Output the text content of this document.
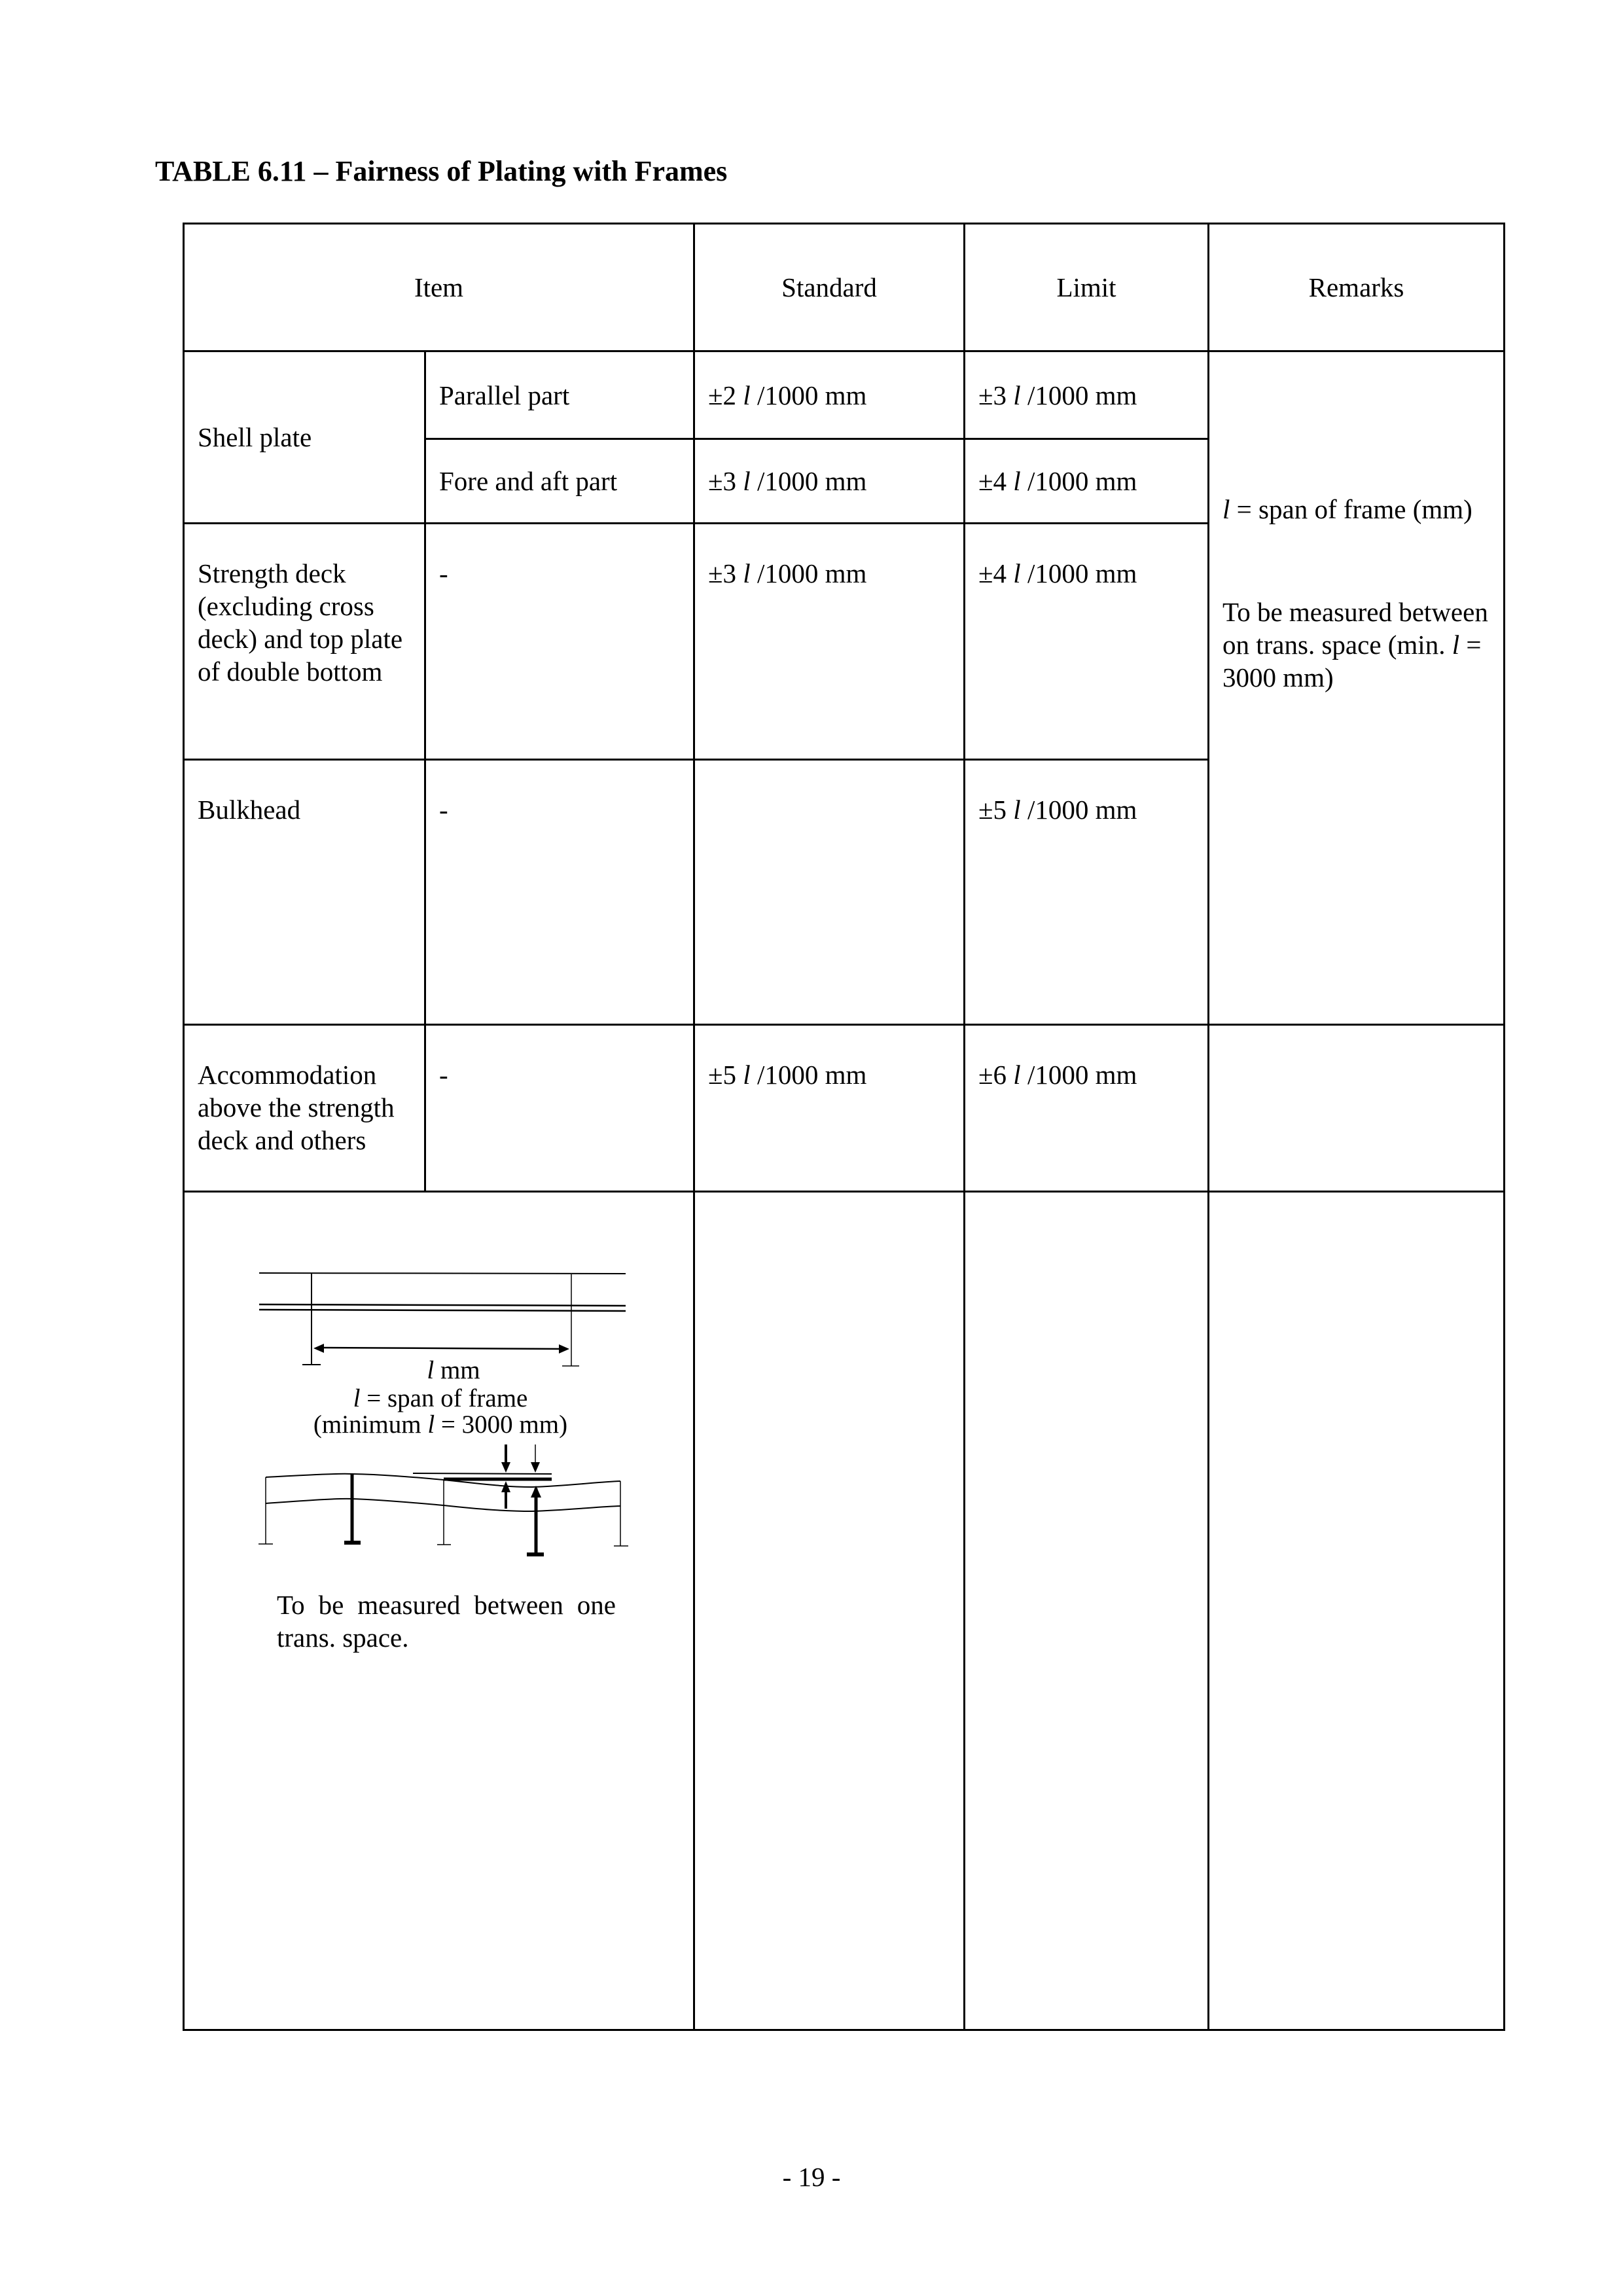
TABLE 6.11 – Fairness of Plating with Frames
Item		Standard	Limit	Remarks
Shell plate	Parallel part	±2 l /1000 mm	±3 l /1000 mm	l = span of frame (mm)
To be measured between on trans. space (min. l = 3000 mm)

	Fore and aft part	±3 l /1000 mm	±4 l /1000 mm	
Strength deck (excluding cross deck) and top plate of double bottom	-	±3 l /1000 mm	±4 l /1000 mm	
Bulkhead	-		±5 l /1000 mm	
Accommodation above the strength deck and others	-	±5 l /1000 mm	±6 l /1000 mm	

l mm
l = span of frame
(minimum l = 3000 mm)
To be measured between one trans. space.				

- 19 -
